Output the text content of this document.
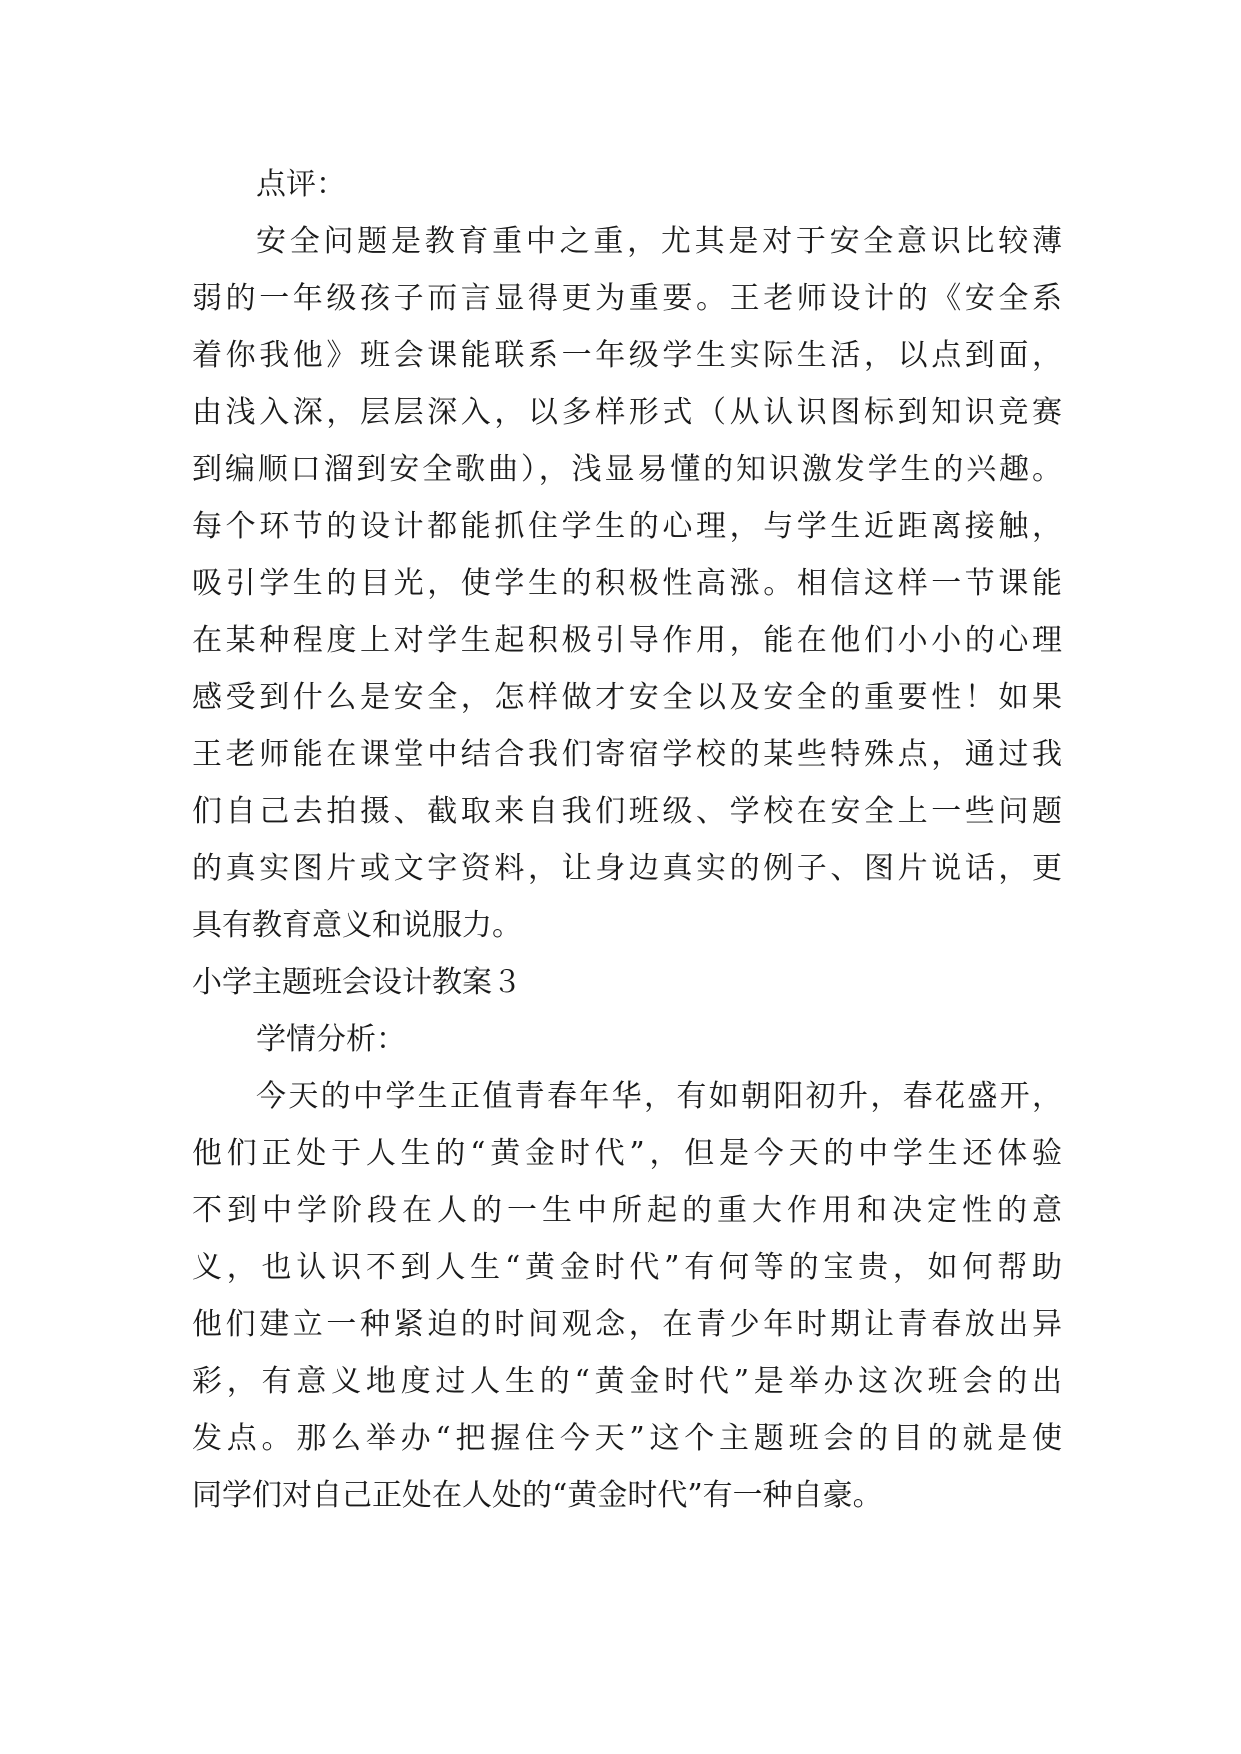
点评：
安全问题是教育重中之重，尤其是对于安全意识比较薄
弱的一年级孩子而言显得更为重要。王老师设计的《安全系
着你我他》班会课能联系一年级学生实际生活，以点到面，
由浅入深，层层深入，以多样形式（从认识图标到知识竞赛
到编顺口溜到安全歌曲），浅显易懂的知识激发学生的兴趣。
每个环节的设计都能抓住学生的心理，与学生近距离接触，
吸引学生的目光，使学生的积极性高涨。相信这样一节课能
在某种程度上对学生起积极引导作用，能在他们小小的心理
感受到什么是安全，怎样做才安全以及安全的重要性！如果
王老师能在课堂中结合我们寄宿学校的某些特殊点，通过我
们自己去拍摄、截取来自我们班级、学校在安全上一些问题
的真实图片或文字资料，让身边真实的例子、图片说话，更
具有教育意义和说服力。
小学主题班会设计教案３
学情分析：
今天的中学生正值青春年华，有如朝阳初升，春花盛开，
他们正处于人生的“黄金时代”，但是今天的中学生还体验
不到中学阶段在人的一生中所起的重大作用和决定性的意
义，也认识不到人生“黄金时代”有何等的宝贵，如何帮助
他们建立一种紧迫的时间观念，在青少年时期让青春放出异
彩，有意义地度过人生的“黄金时代”是举办这次班会的出
发点。那么举办“把握住今天”这个主题班会的目的就是使
同学们对自己正处在人处的“黄金时代”有一种自豪。
